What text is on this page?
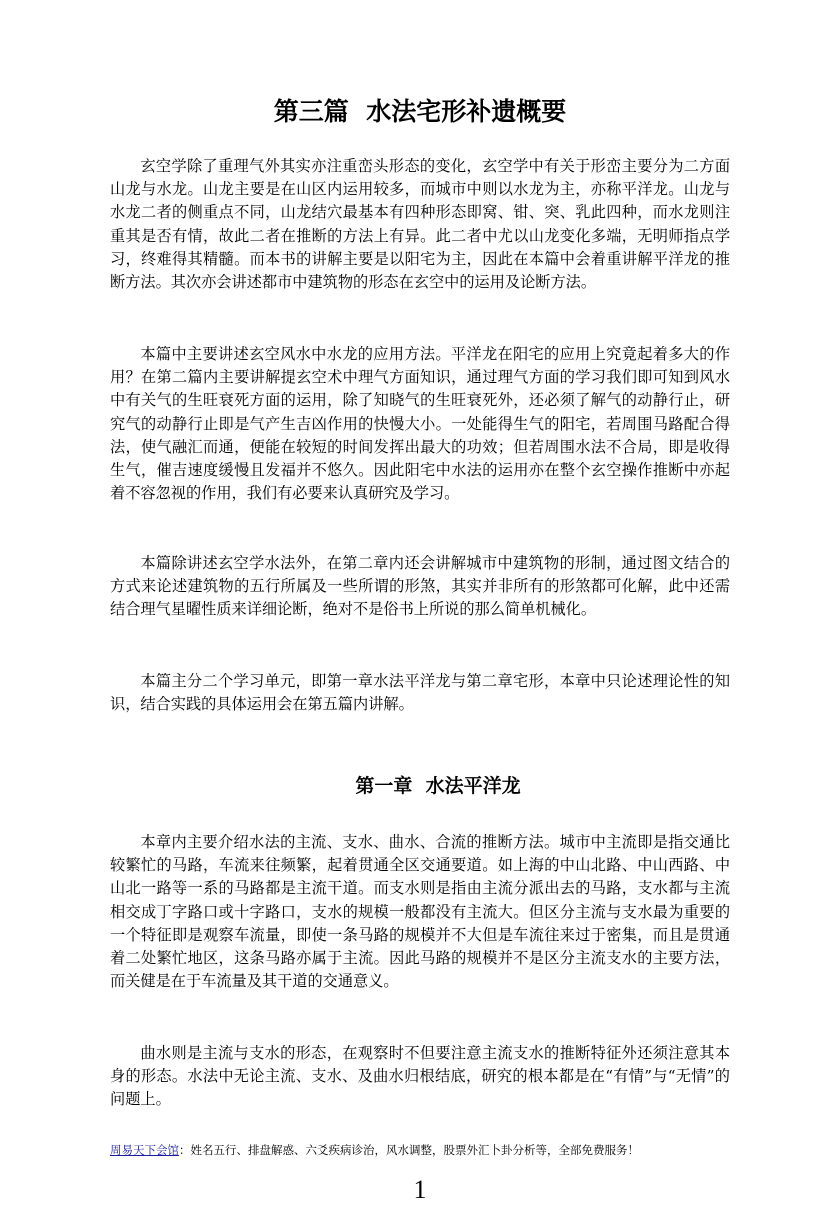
第三篇  水法宅形补遗概要

玄空学除了重理气外其实亦注重峦头形态的变化，玄空学中有关于形峦主要分为二方面山龙与水龙。山龙主要是在山区内运用较多，而城市中则以水龙为主，亦称平洋龙。山龙与水龙二者的侧重点不同，山龙结穴最基本有四种形态即窝、钳、突、乳此四种，而水龙则注重其是否有情，故此二者在推断的方法上有异。此二者中尤以山龙变化多端，无明师指点学习，终难得其精髓。而本书的讲解主要是以阳宅为主，因此在本篇中会着重讲解平洋龙的推断方法。其次亦会讲述都市中建筑物的形态在玄空中的运用及论断方法。

本篇中主要讲述玄空风水中水龙的应用方法。平洋龙在阳宅的应用上究竟起着多大的作用？在第二篇内主要讲解提玄空术中理气方面知识，通过理气方面的学习我们即可知到风水中有关气的生旺衰死方面的运用，除了知晓气的生旺衰死外，还必须了解气的动静行止，研究气的动静行止即是气产生吉凶作用的快慢大小。一处能得生气的阳宅，若周围马路配合得法，使气融汇而通，便能在较短的时间发挥出最大的功效；但若周围水法不合局，即是收得生气，催吉速度缓慢且发福并不悠久。因此阳宅中水法的运用亦在整个玄空操作推断中亦起着不容忽视的作用，我们有必要来认真研究及学习。

本篇除讲述玄空学水法外，在第二章内还会讲解城市中建筑物的形制，通过图文结合的方式来论述建筑物的五行所属及一些所谓的形煞，其实并非所有的形煞都可化解，此中还需结合理气星曜性质来详细论断，绝对不是俗书上所说的那么简单机械化。

本篇主分二个学习单元，即第一章水法平洋龙与第二章宅形，本章中只论述理论性的知识，结合实践的具体运用会在第五篇内讲解。

第一章  水法平洋龙

本章内主要介绍水法的主流、支水、曲水、合流的推断方法。城市中主流即是指交通比较繁忙的马路，车流来往频繁，起着贯通全区交通要道。如上海的中山北路、中山西路、中山北一路等一系的马路都是主流干道。而支水则是指由主流分派出去的马路，支水都与主流相交成丁字路口或十字路口，支水的规模一般都没有主流大。但区分主流与支水最为重要的一个特征即是观察车流量，即使一条马路的规模并不大但是车流往来过于密集，而且是贯通着二处繁忙地区，这条马路亦属于主流。因此马路的规模并不是区分主流支水的主要方法，而关健是在于车流量及其干道的交通意义。

曲水则是主流与支水的形态，在观察时不但要注意主流支水的推断特征外还须注意其本身的形态。水法中无论主流、支水、及曲水归根结底，研究的根本都是在“有情”与“无情”的问题上。

周易天下会馆：姓名五行、排盘解惑、六爻疾病诊治，风水调整，股票外汇卜卦分析等，全部免费服务！
1
